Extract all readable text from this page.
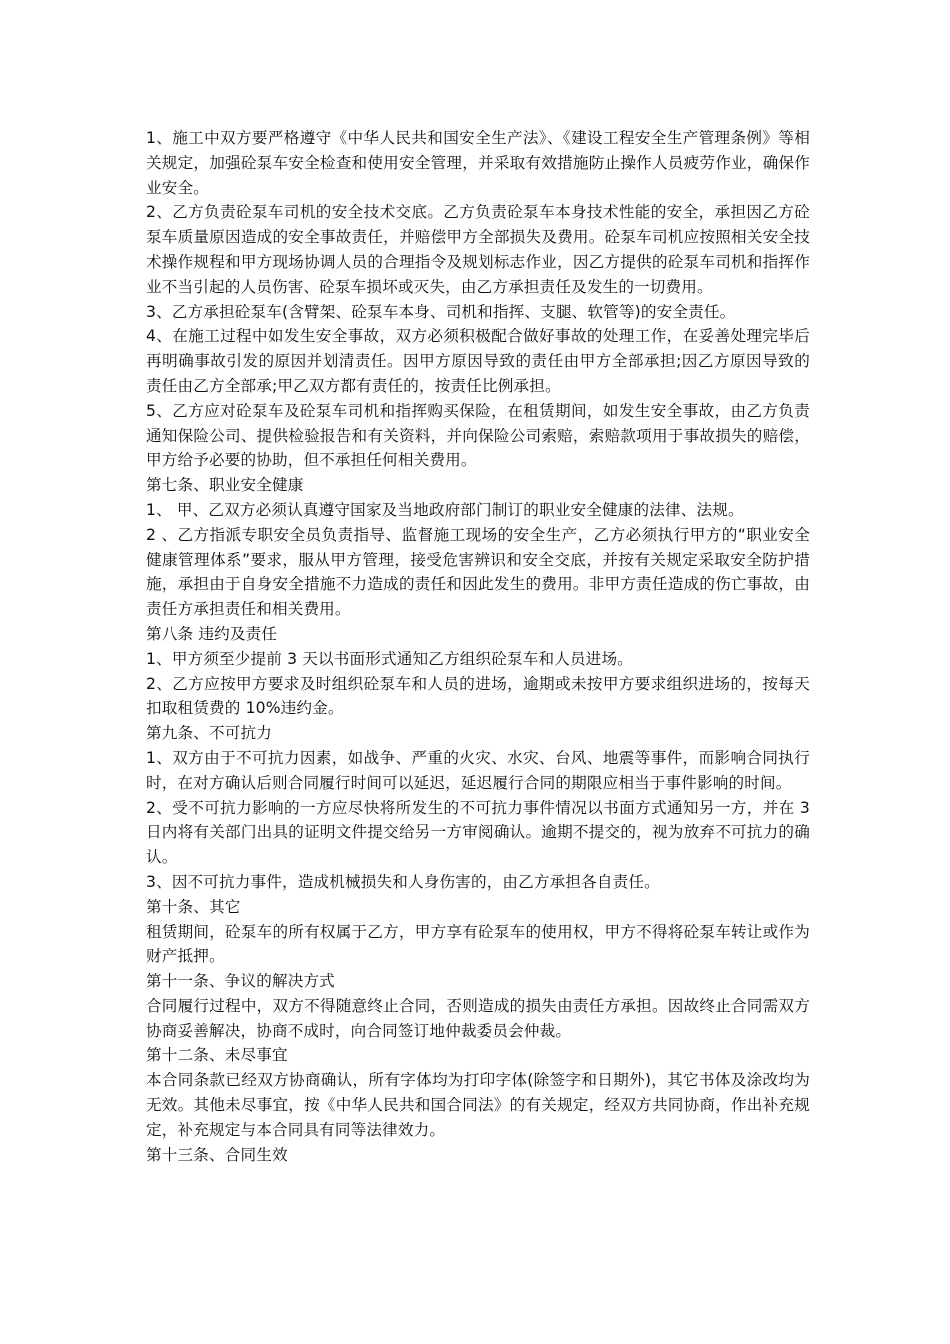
1、施工中双方要严格遵守《中华人民共和国安全生产法》、《建设工程安全生产管理条例》等相关规定，加强砼泵车安全检查和使用安全管理，并采取有效措施防止操作人员疲劳作业，确保作业安全。

2、乙方负责砼泵车司机的安全技术交底。乙方负责砼泵车本身技术性能的安全，承担因乙方砼泵车质量原因造成的安全事故责任，并赔偿甲方全部损失及费用。砼泵车司机应按照相关安全技术操作规程和甲方现场协调人员的合理指令及规划标志作业，因乙方提供的砼泵车司机和指挥作业不当引起的人员伤害、砼泵车损坏或灭失，由乙方承担责任及发生的一切费用。

3、乙方承担砼泵车(含臂架、砼泵车本身、司机和指挥、支腿、软管等)的安全责任。

4、在施工过程中如发生安全事故，双方必须积极配合做好事故的处理工作，在妥善处理完毕后再明确事故引发的原因并划清责任。因甲方原因导致的责任由甲方全部承担;因乙方原因导致的责任由乙方全部承;甲乙双方都有责任的，按责任比例承担。

5、乙方应对砼泵车及砼泵车司机和指挥购买保险，在租赁期间，如发生安全事故，由乙方负责通知保险公司、提供检验报告和有关资料，并向保险公司索赔，索赔款项用于事故损失的赔偿，甲方给予必要的协助，但不承担任何相关费用。

第七条、职业安全健康

1、 甲、乙双方必须认真遵守国家及当地政府部门制订的职业安全健康的法律、法规。

2 、乙方指派专职安全员负责指导、监督施工现场的安全生产，乙方必须执行甲方的“职业安全健康管理体系”要求，服从甲方管理，接受危害辨识和安全交底，并按有关规定采取安全防护措施，承担由于自身安全措施不力造成的责任和因此发生的费用。非甲方责任造成的伤亡事故，由责任方承担责任和相关费用。

第八条 违约及责任

1、甲方须至少提前 3 天以书面形式通知乙方组织砼泵车和人员进场。

2、乙方应按甲方要求及时组织砼泵车和人员的进场，逾期或未按甲方要求组织进场的，按每天扣取租赁费的 10%违约金。

第九条、不可抗力

1、双方由于不可抗力因素，如战争、严重的火灾、水灾、台风、地震等事件，而影响合同执行时，在对方确认后则合同履行时间可以延迟，延迟履行合同的期限应相当于事件影响的时间。

2、受不可抗力影响的一方应尽快将所发生的不可抗力事件情况以书面方式通知另一方，并在 3 日内将有关部门出具的证明文件提交给另一方审阅确认。逾期不提交的，视为放弃不可抗力的确认。

3、因不可抗力事件，造成机械损失和人身伤害的，由乙方承担各自责任。

第十条、其它

租赁期间，砼泵车的所有权属于乙方，甲方享有砼泵车的使用权，甲方不得将砼泵车转让或作为财产抵押。

第十一条、争议的解决方式

合同履行过程中，双方不得随意终止合同，否则造成的损失由责任方承担。因故终止合同需双方协商妥善解决，协商不成时，向合同签订地仲裁委员会仲裁。

第十二条、未尽事宜

本合同条款已经双方协商确认，所有字体均为打印字体(除签字和日期外)，其它书体及涂改均为无效。其他未尽事宜，按《中华人民共和国合同法》的有关规定，经双方共同协商，作出补充规定，补充规定与本合同具有同等法律效力。

第十三条、合同生效
